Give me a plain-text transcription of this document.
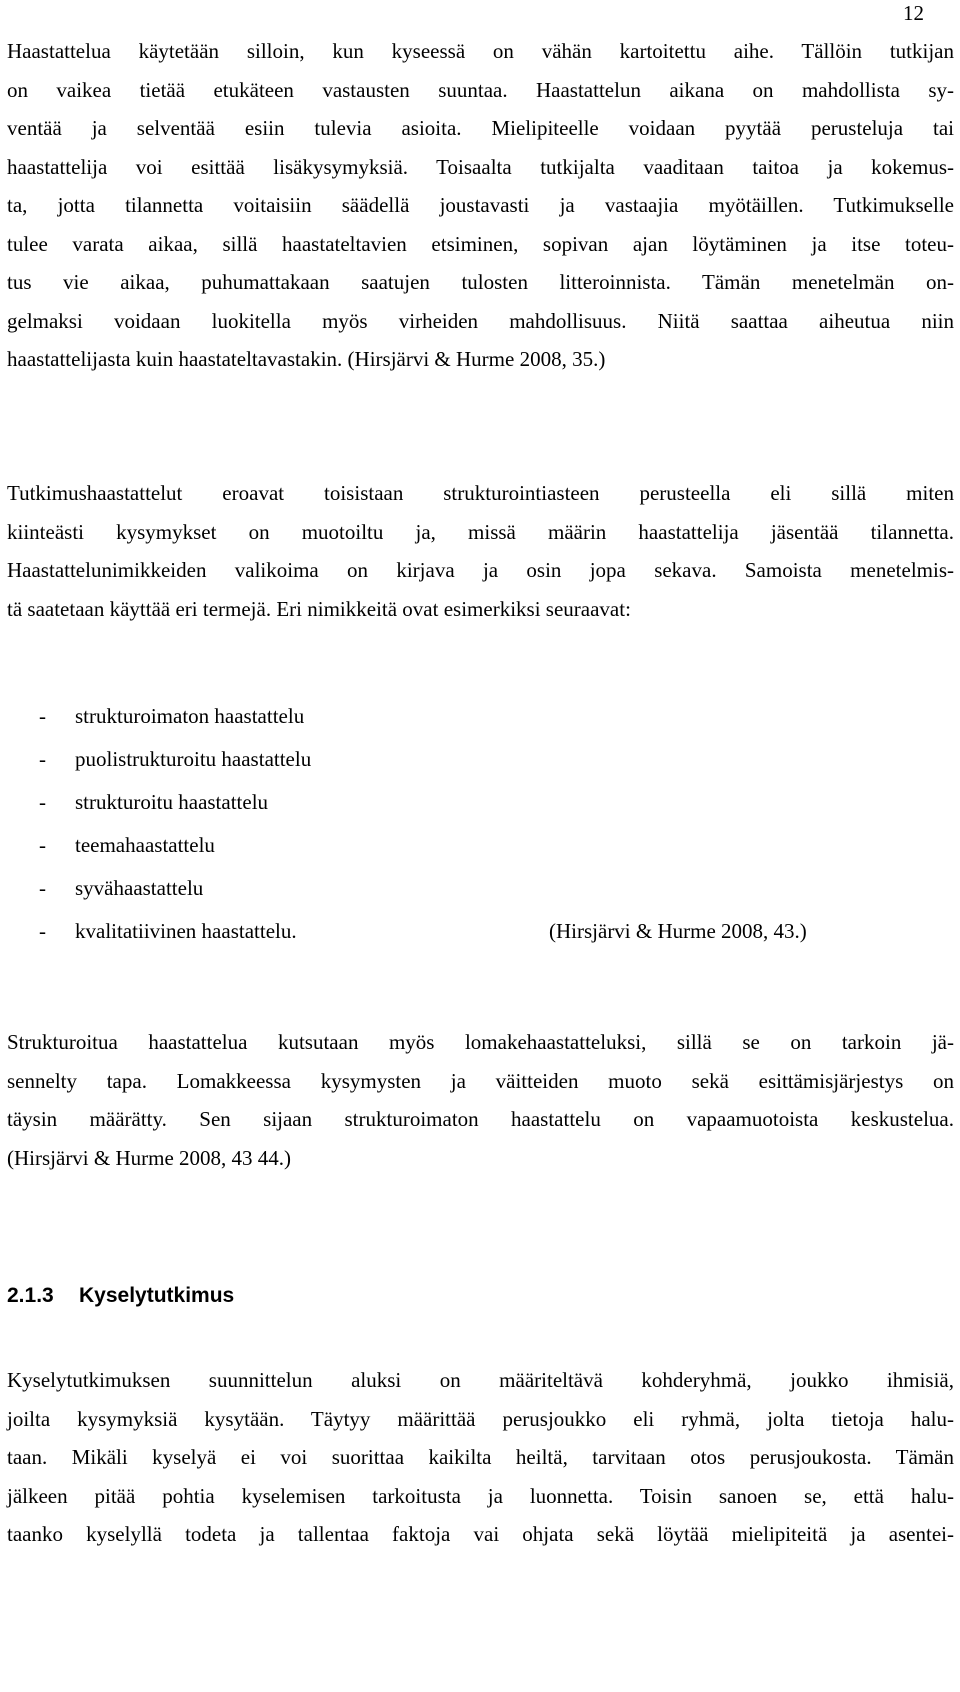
12
Haastattelua käytetään silloin, kun kyseessä on vähän kartoitettu aihe. Tällöin tutkijan
on vaikea tietää etukäteen vastausten suuntaa. Haastattelun aikana on mahdollista sy-
ventää ja selventää esiin tulevia asioita. Mielipiteelle voidaan pyytää perusteluja tai
haastattelija voi esittää lisäkysymyksiä. Toisaalta tutkijalta vaaditaan taitoa ja kokemus-
ta, jotta tilannetta voitaisiin säädellä joustavasti ja vastaajia myötäillen. Tutkimukselle
tulee varata aikaa, sillä haastateltavien etsiminen, sopivan ajan löytäminen ja itse toteu-
tus vie aikaa, puhumattakaan saatujen tulosten litteroinnista. Tämän menetelmän on-
gelmaksi voidaan luokitella myös virheiden mahdollisuus. Niitä saattaa aiheutua niin
haastattelijasta kuin haastateltavastakin. (Hirsjärvi & Hurme 2008, 35.)
Tutkimushaastattelut eroavat toisistaan strukturointiasteen perusteella eli sillä miten
kiinteästi kysymykset on muotoiltu ja, missä määrin haastattelija jäsentää tilannetta.
Haastattelunimikkeiden valikoima on kirjava ja osin jopa sekava. Samoista menetelmis-
tä saatetaan käyttää eri termejä. Eri nimikkeitä ovat esimerkiksi seuraavat:
- strukturoimaton haastattelu
- puolistrukturoitu haastattelu
- strukturoitu haastattelu
- teemahaastattelu
- syvähaastattelu
- kvalitatiivinen haastattelu.	(Hirsjärvi & Hurme 2008, 43.)
Strukturoitua haastattelua kutsutaan myös lomakehaastatteluksi, sillä se on tarkoin jä-
sennelty tapa. Lomakkeessa kysymysten ja väitteiden muoto sekä esittämisjärjestys on
täysin määrätty. Sen sijaan strukturoimaton haastattelu on vapaamuotoista keskustelua.
(Hirsjärvi & Hurme 2008, 43 44.)
2.1.3 Kyselytutkimus
Kyselytutkimuksen suunnittelun aluksi on määriteltävä kohderyhmä, joukko ihmisiä,
joilta kysymyksiä kysytään. Täytyy määrittää perusjoukko eli ryhmä, jolta tietoja halu-
taan. Mikäli kyselyä ei voi suorittaa kaikilta heiltä, tarvitaan otos perusjoukosta. Tämän
jälkeen pitää pohtia kyselemisen tarkoitusta ja luonnetta. Toisin sanoen se, että halu-
taanko kyselyllä todeta ja tallentaa faktoja vai ohjata sekä löytää mielipiteitä ja asentei-
